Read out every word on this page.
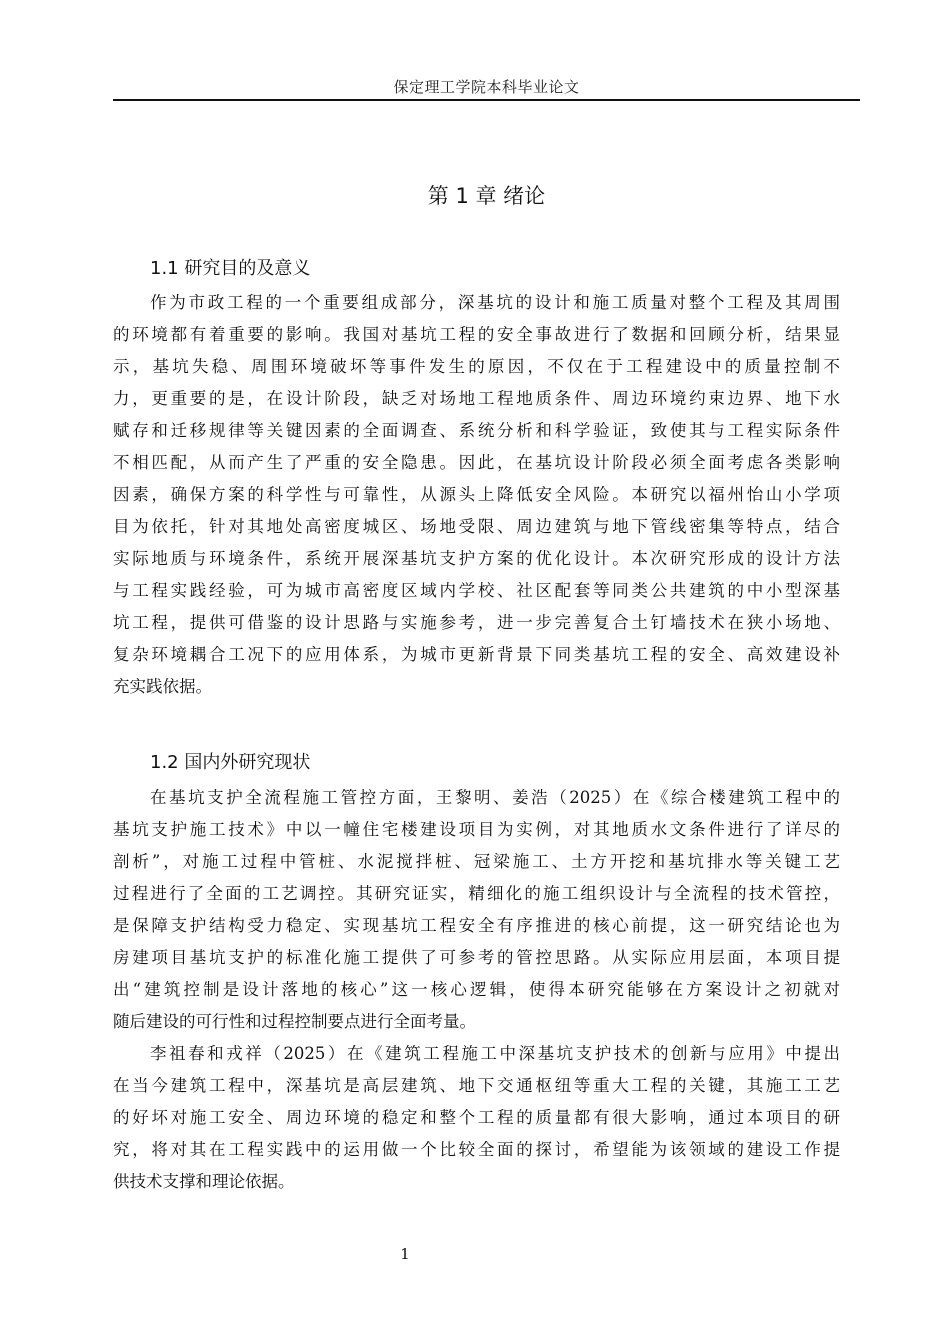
保定理工学院本科毕业论文
第 1 章 绪论
1.1 研究目的及意义
作为市政工程的一个重要组成部分，深基坑的设计和施工质量对整个工程及其周围
的环境都有着重要的影响。我国对基坑工程的安全事故进行了数据和回顾分析，结果显
示，基坑失稳、周围环境破坏等事件发生的原因，不仅在于工程建设中的质量控制不
力，更重要的是，在设计阶段，缺乏对场地工程地质条件、周边环境约束边界、地下水
赋存和迁移规律等关键因素的全面调查、系统分析和科学验证，致使其与工程实际条件
不相匹配，从而产生了严重的安全隐患。因此，在基坑设计阶段必须全面考虑各类影响
因素，确保方案的科学性与可靠性，从源头上降低安全风险。本研究以福州怡山小学项
目为依托，针对其地处高密度城区、场地受限、周边建筑与地下管线密集等特点，结合
实际地质与环境条件，系统开展深基坑支护方案的优化设计。本次研究形成的设计方法
与工程实践经验，可为城市高密度区域内学校、社区配套等同类公共建筑的中小型深基
坑工程，提供可借鉴的设计思路与实施参考，进一步完善复合土钉墙技术在狭小场地、
复杂环境耦合工况下的应用体系，为城市更新背景下同类基坑工程的安全、高效建设补
充实践依据。
1.2 国内外研究现状
在基坑支护全流程施工管控方面，王黎明、姜浩（2025）在《综合楼建筑工程中的
基坑支护施工技术》中以一幢住宅楼建设项目为实例，对其地质水文条件进行了详尽的
剖析”，对施工过程中管桩、水泥搅拌桩、冠梁施工、土方开挖和基坑排水等关键工艺
过程进行了全面的工艺调控。其研究证实，精细化的施工组织设计与全流程的技术管控，
是保障支护结构受力稳定、实现基坑工程安全有序推进的核心前提，这一研究结论也为
房建项目基坑支护的标准化施工提供了可参考的管控思路。从实际应用层面，本项目提
出“建筑控制是设计落地的核心”这一核心逻辑，使得本研究能够在方案设计之初就对
随后建设的可行性和过程控制要点进行全面考量。
李祖春和戎祥（2025）在《建筑工程施工中深基坑支护技术的创新与应用》中提出
在当今建筑工程中，深基坑是高层建筑、地下交通枢纽等重大工程的关键，其施工工艺
的好坏对施工安全、周边环境的稳定和整个工程的质量都有很大影响，通过本项目的研
究，将对其在工程实践中的运用做一个比较全面的探讨，希望能为该领域的建设工作提
供技术支撑和理论依据。
1
